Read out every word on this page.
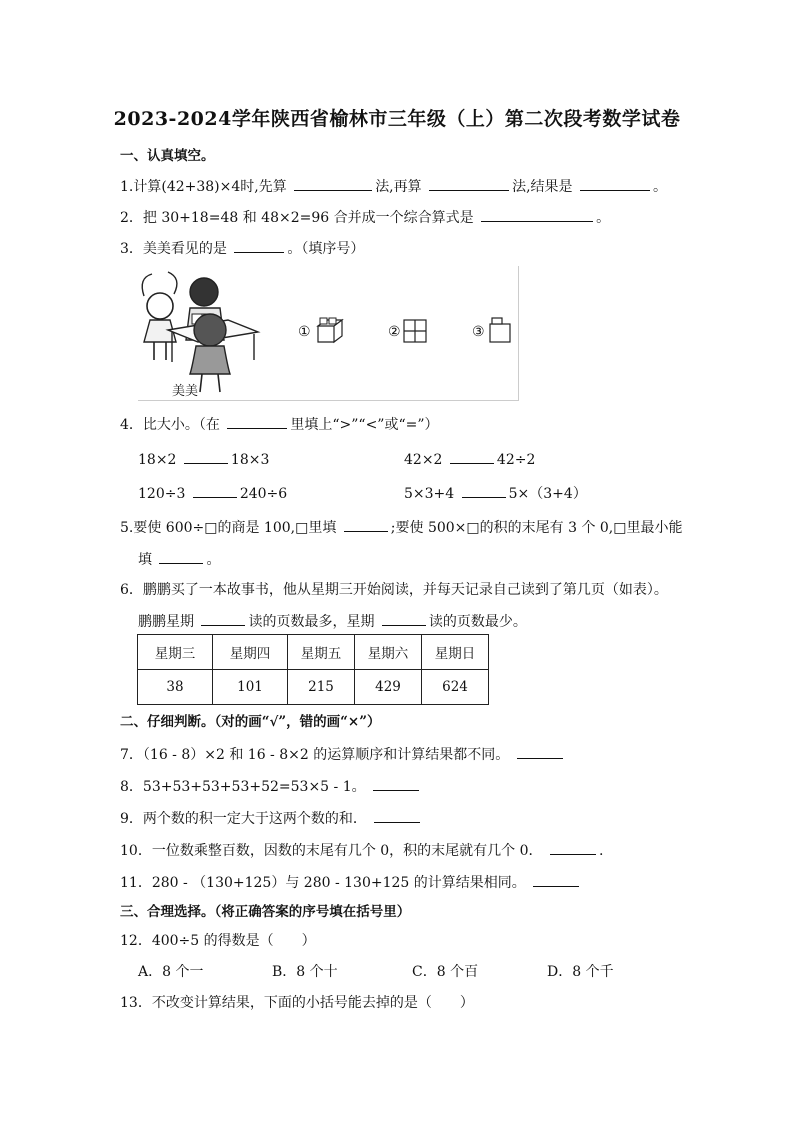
2023-2024学年陕西省榆林市三年级（上）第二次段考数学试卷
一、认真填空。
1.计算(42+38)×4时,先算	法,再算	法,结果是	。
2．把 30+18=48 和 48×2=96 合并成一个综合算式是	。
3．美美看见的是	。（填序号）
①	②	③
美美
4．比大小。（在	里填上“>”“<”或“=”）
18×2	18×3	42×2	42÷2
120÷3	240÷6	5×3+4	5×（3+4）
5.要使 600÷□的商是 100,□里填	;要使 500×□的积的末尾有 3 个 0,□里最小能
填	。
6．鹏鹏买了一本故事书，他从星期三开始阅读，并每天记录自己读到了第几页（如表）。
鹏鹏星期	读的页数最多，星期	读的页数最少。
星期三	星期四	星期五	星期六	星期日
38	101	215	429	624
二、仔细判断。（对的画“√”，错的画“×”）
7．（16 - 8）×2 和 16 - 8×2 的运算顺序和计算结果都不同。
8．53+53+53+53+52=53×5 - 1。
9．两个数的积一定大于这两个数的和．
10．一位数乘整百数，因数的末尾有几个 0，积的末尾就有几个 0．	.
11．280 - （130+125）与 280 - 130+125 的计算结果相同。
三、合理选择。（将正确答案的序号填在括号里）
12．400÷5 的得数是（　　）
A．8 个一	B．8 个十	C．8 个百	D．8 个千
13．不改变计算结果，下面的小括号能去掉的是（　　）
